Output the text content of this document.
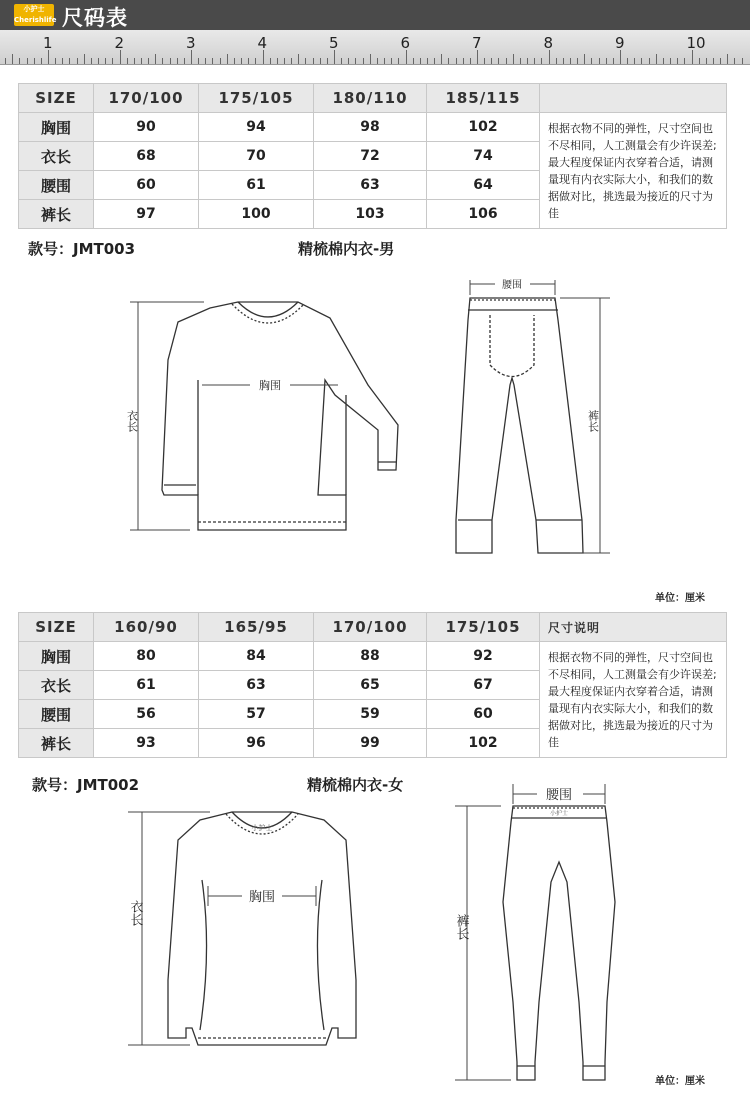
小护士
Cherishlife 尺码表
1	2	3	4	5	6	7	8	9	10
SIZE	170/100	175/105	180/110	185/115	
胸围	90	94	98	102	根据衣物不同的弹性，尺寸空间也不尽相同，人工测量会有少许误差;最大程度保证内衣穿着合适，请测量现有内衣实际大小，和我们的数据做对比，挑选最为接近的尺寸为佳
衣长	68	70	72	74	
腰围	60	61	63	64	
裤长	97	100	103	106	
款号：JMT003	精梳棉内衣-男
胸围
衣长
腰围
裤长
单位：厘米
SIZE	160/90	165/95	170/100	175/105	尺寸说明
胸围	80	84	88	92	根据衣物不同的弹性，尺寸空间也不尽相同，人工测量会有少许误差;最大程度保证内衣穿着合适，请测量现有内衣实际大小，和我们的数据做对比，挑选最为接近的尺寸为佳
衣长	61	63	65	67	
腰围	56	57	59	60	
裤长	93	96	99	102	
款号：JMT002	精梳棉内衣-女
小护士
胸围
衣长
小护士
腰围
裤长
单位：厘米
